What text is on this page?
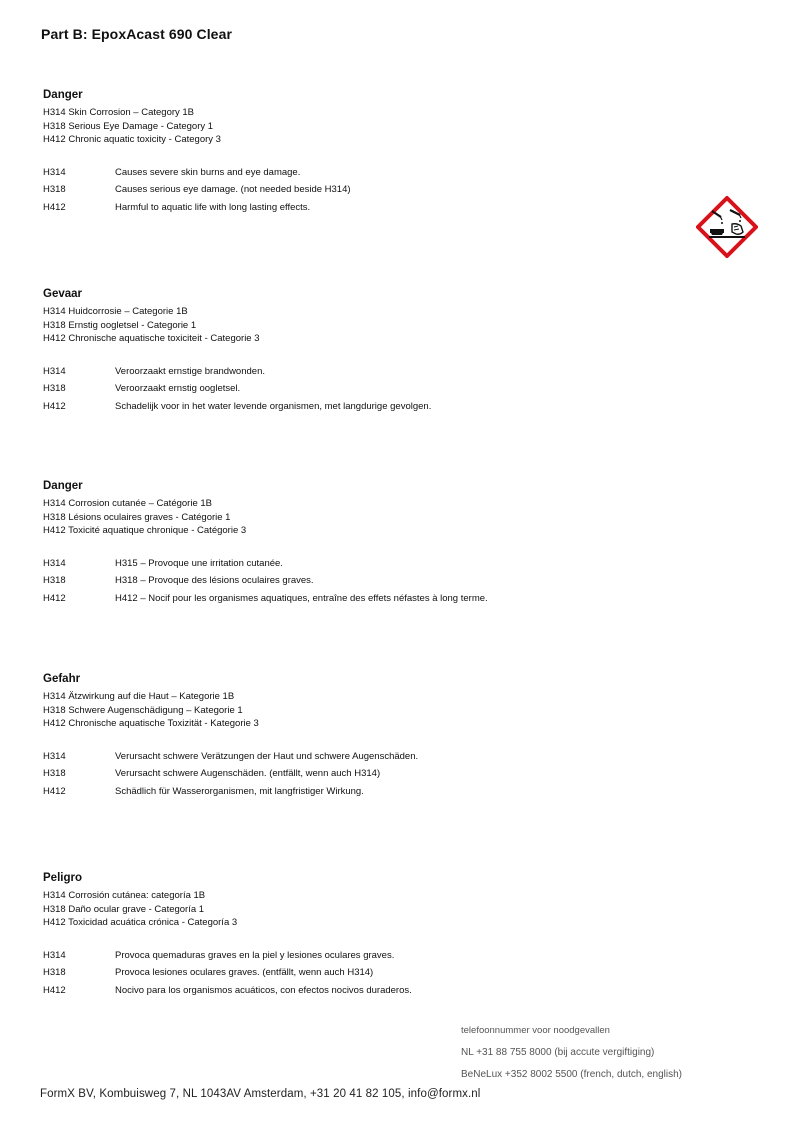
Part B: EpoxAcast 690 Clear
Danger
H314 Skin Corrosion – Category 1B
H318 Serious Eye Damage - Category 1
H412 Chronic aquatic toxicity - Category 3
H314	Causes severe skin burns and eye damage.
H318	Causes serious eye damage. (not needed beside H314)
H412	Harmful to aquatic life with long lasting effects.
Gevaar
H314 Huidcorrosie – Categorie 1B
H318 Ernstig oogletsel - Categorie 1
H412 Chronische aquatische toxiciteit - Categorie 3
H314	Veroorzaakt ernstige brandwonden.
H318	Veroorzaakt ernstig oogletsel.
H412	Schadelijk voor in het water levende organismen, met langdurige gevolgen.
Danger
H314 Corrosion cutanée – Catégorie 1B
H318 Lésions oculaires graves - Catégorie 1
H412 Toxicité aquatique chronique - Catégorie 3
H314	H315 – Provoque une irritation cutanée.
H318	H318 – Provoque des lésions oculaires graves.
H412	H412 – Nocif pour les organismes aquatiques, entraîne des effets néfastes à long terme.
Gefahr
H314 Ätzwirkung auf die Haut – Kategorie 1B
H318 Schwere Augenschädigung – Kategorie 1
H412 Chronische aquatische Toxizität - Kategorie 3
H314	Verursacht schwere Verätzungen der Haut und schwere Augenschäden.
H318	Verursacht schwere Augenschäden. (entfällt, wenn auch H314)
H412	Schädlich für Wasserorganismen, mit langfristiger Wirkung.
Peligro
H314 Corrosión cutánea: categoría 1B
H318 Daño ocular grave - Categoría 1
H412 Toxicidad acuática crónica - Categoría 3
H314	Provoca quemaduras graves en la piel y lesiones oculares graves.
H318	Provoca lesiones oculares graves. (entfällt, wenn auch H314)
H412	Nocivo para los organismos acuáticos, con efectos nocivos duraderos.
telefoonnummer voor noodgevallen
NL +31 88 755 8000 (bij accute vergiftiging)
BeNeLux +352 8002 5500 (french, dutch, english)
FormX BV, Kombuisweg 7, NL 1043AV Amsterdam, +31 20 41 82 105, info@formx.nl
